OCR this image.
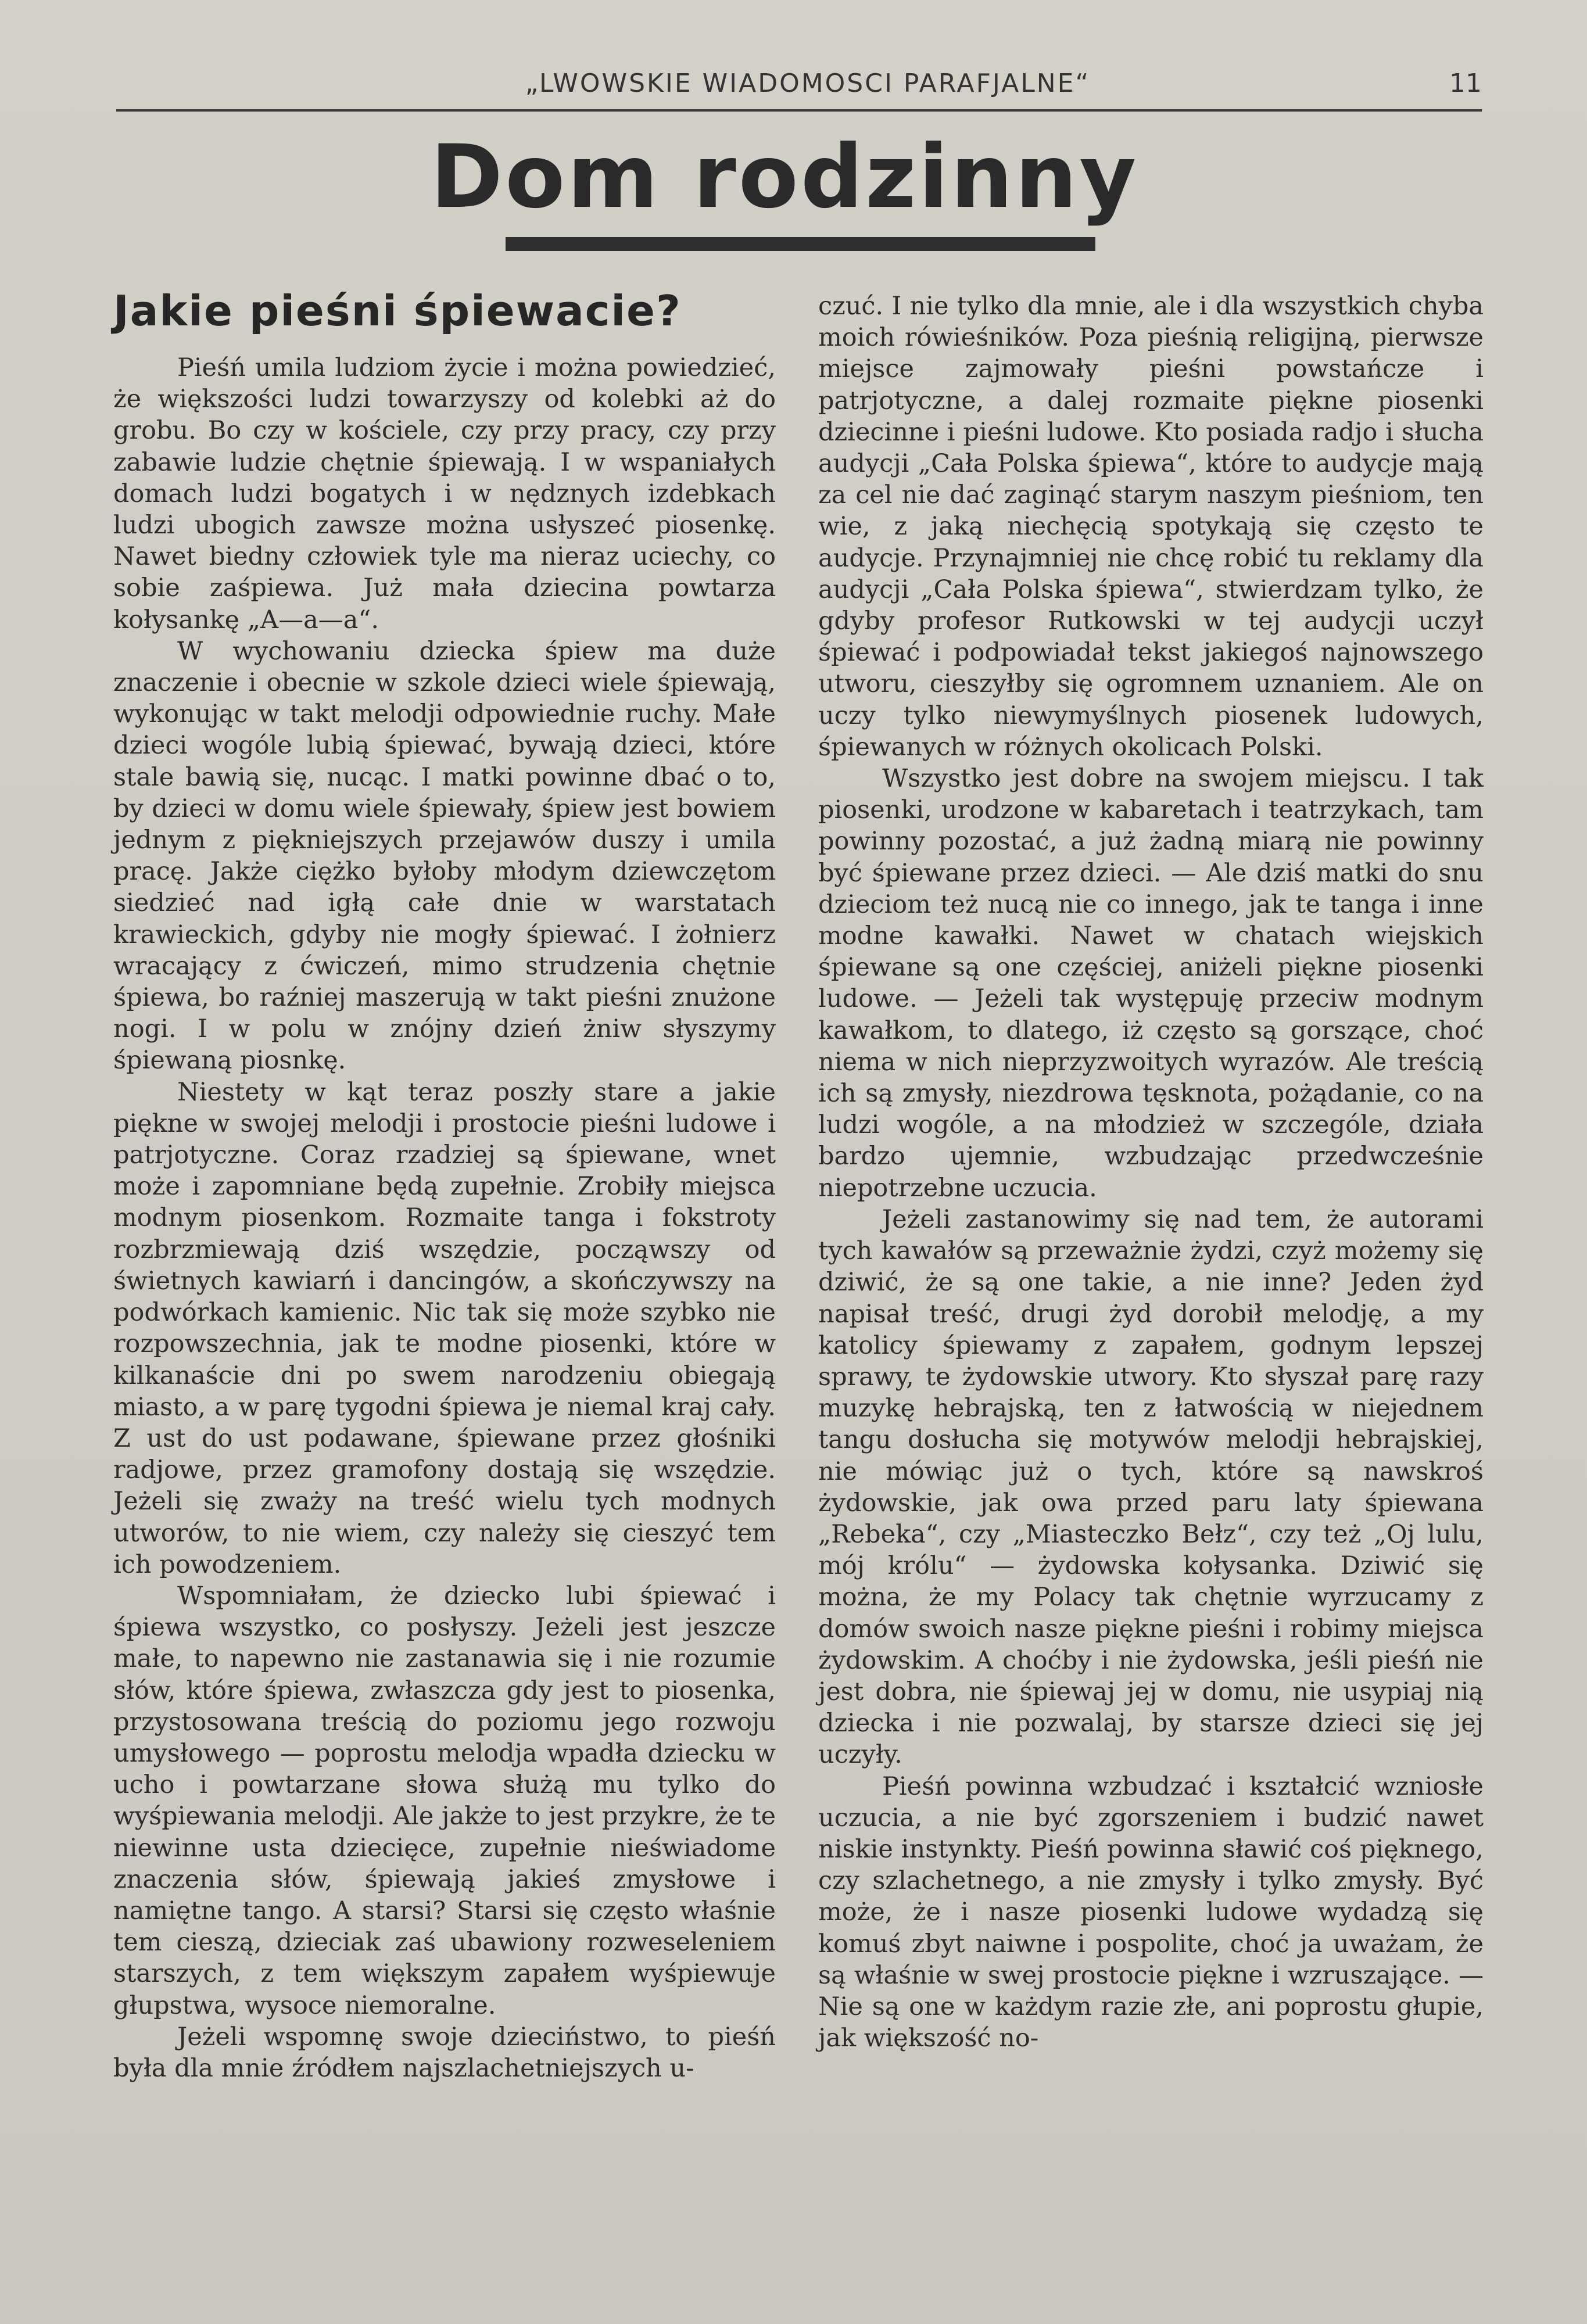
„LWOWSKIE WIADOMOSCI PARAFJALNE“	11
Dom rodzinny
Jakie pieśni śpiewacie?

Pieśń umila ludziom życie i można powiedzieć, że większości ludzi towarzyszy od kolebki aż do grobu. Bo czy w kościele, czy przy pracy, czy przy zabawie ludzie chętnie śpiewają. I w wspaniałych domach ludzi bogatych i w nędznych izdebkach ludzi ubogich zawsze można usłyszeć piosenkę. Nawet biedny człowiek tyle ma nieraz uciechy, co sobie zaśpiewa. Już mała dziecina powtarza kołysankę „A—a—a“.

W wychowaniu dziecka śpiew ma duże znaczenie i obecnie w szkole dzieci wiele śpiewają, wykonując w takt melodji odpowiednie ruchy. Małe dzieci wogóle lubią śpiewać, bywają dzieci, które stale bawią się, nucąc. I matki powinne dbać o to, by dzieci w domu wiele śpiewały, śpiew jest bowiem jednym z piękniejszych przejawów duszy i umila pracę. Jakże ciężko byłoby młodym dziewczętom siedzieć nad igłą całe dnie w warstatach krawieckich, gdyby nie mogły śpiewać. I żołnierz wracający z ćwiczeń, mimo strudzenia chętnie śpiewa, bo raźniej maszerują w takt pieśni znużone nogi. I w polu w znójny dzień żniw słyszymy śpiewaną piosnkę.

Niestety w kąt teraz poszły stare a jakie piękne w swojej melodji i prostocie pieśni ludowe i patrjotyczne. Coraz rzadziej są śpiewane, wnet może i zapomniane będą zupełnie. Zrobiły miejsca modnym piosenkom. Rozmaite tanga i fokstroty rozbrzmiewają dziś wszędzie, począwszy od świetnych kawiarń i dancingów, a skończywszy na podwórkach kamienic. Nic tak się może szybko nie rozpowszechnia, jak te modne piosenki, które w kilkanaście dni po swem narodzeniu obiegają miasto, a w parę tygodni śpiewa je niemal kraj cały. Z ust do ust podawane, śpiewane przez głośniki radjowe, przez gramofony dostają się wszędzie. Jeżeli się zważy na treść wielu tych modnych utworów, to nie wiem, czy należy się cieszyć tem ich powodzeniem.

Wspomniałam, że dziecko lubi śpiewać i śpiewa wszystko, co posłyszy. Jeżeli jest jeszcze małe, to napewno nie zastanawia się i nie rozumie słów, które śpiewa, zwłaszcza gdy jest to piosenka, przystosowana treścią do poziomu jego rozwoju umysłowego — poprostu melodja wpadła dziecku w ucho i powtarzane słowa służą mu tylko do wyśpiewania melodji. Ale jakże to jest przykre, że te niewinne usta dziecięce, zupełnie nieświadome znaczenia słów, śpiewają jakieś zmysłowe i namiętne tango. A starsi? Starsi się często właśnie tem cieszą, dzieciak zaś ubawiony rozweseleniem starszych, z tem większym zapałem wyśpiewuje głupstwa, wysoce niemoralne.

Jeżeli wspomnę swoje dzieciństwo, to pieśń była dla mnie źródłem najszlachetniejszych u-

czuć. I nie tylko dla mnie, ale i dla wszystkich chyba moich rówieśników. Poza pieśnią religijną, pierwsze miejsce zajmowały pieśni powstańcze i patrjotyczne, a dalej rozmaite piękne piosenki dziecinne i pieśni ludowe. Kto posiada radjo i słucha audycji „Cała Polska śpiewa“, które to audycje mają za cel nie dać zaginąć starym naszym pieśniom, ten wie, z jaką niechęcią spotykają się często te audycje. Przynajmniej nie chcę robić tu reklamy dla audycji „Cała Polska śpiewa“, stwierdzam tylko, że gdyby profesor Rutkowski w tej audycji uczył śpiewać i podpowiadał tekst jakiegoś najnowszego utworu, cieszyłby się ogromnem uznaniem. Ale on uczy tylko niewymyślnych piosenek ludowych, śpiewanych w różnych okolicach Polski.

Wszystko jest dobre na swojem miejscu. I tak piosenki, urodzone w kabaretach i teatrzykach, tam powinny pozostać, a już żadną miarą nie powinny być śpiewane przez dzieci. — Ale dziś matki do snu dzieciom też nucą nie co innego, jak te tanga i inne modne kawałki. Nawet w chatach wiejskich śpiewane są one częściej, aniżeli piękne piosenki ludowe. — Jeżeli tak występuję przeciw modnym kawałkom, to dlatego, iż często są gorszące, choć niema w nich nieprzyzwoitych wyrazów. Ale treścią ich są zmysły, niezdrowa tęsknota, pożądanie, co na ludzi wogóle, a na młodzież w szczególe, działa bardzo ujemnie, wzbudzając przedwcześnie niepotrzebne uczucia.

Jeżeli zastanowimy się nad tem, że autorami tych kawałów są przeważnie żydzi, czyż możemy się dziwić, że są one takie, a nie inne? Jeden żyd napisał treść, drugi żyd dorobił melodję, a my katolicy śpiewamy z zapałem, godnym lepszej sprawy, te żydowskie utwory. Kto słyszał parę razy muzykę hebrajską, ten z łatwością w niejednem tangu dosłucha się motywów melodji hebrajskiej, nie mówiąc już o tych, które są nawskroś żydowskie, jak owa przed paru laty śpiewana „Rebeka“, czy „Miasteczko Bełz“, czy też „Oj lulu, mój królu“ — żydowska kołysanka. Dziwić się można, że my Polacy tak chętnie wyrzucamy z domów swoich nasze piękne pieśni i robimy miejsca żydowskim. A choćby i nie żydowska, jeśli pieśń nie jest dobra, nie śpiewaj jej w domu, nie usypiaj nią dziecka i nie pozwalaj, by starsze dzieci się jej uczyły.

Pieśń powinna wzbudzać i kształcić wzniosłe uczucia, a nie być zgorszeniem i budzić nawet niskie instynkty. Pieśń powinna sławić coś pięknego, czy szlachetnego, a nie zmysły i tylko zmysły. Być może, że i nasze piosenki ludowe wydadzą się komuś zbyt naiwne i pospolite, choć ja uważam, że są właśnie w swej prostocie piękne i wzruszające. — Nie są one w każdym razie złe, ani poprostu głupie, jak większość no-
